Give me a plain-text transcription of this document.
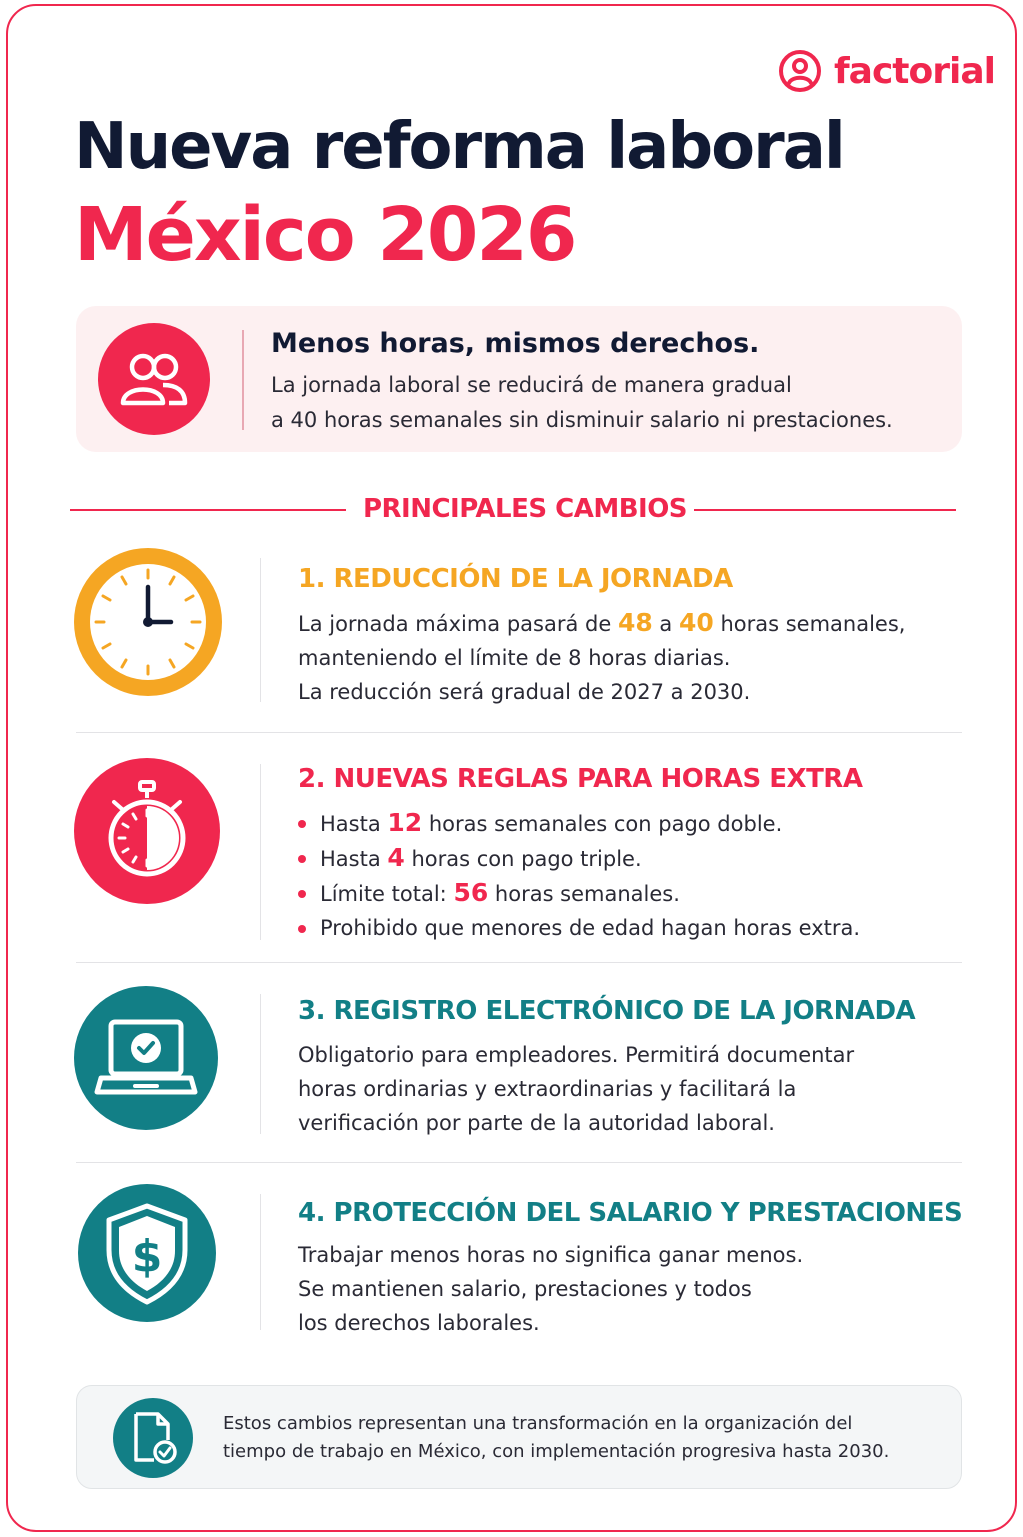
factorial
Nueva reforma laboral
México 2026
Menos horas, mismos derechos.
La jornada laboral se reducirá de manera gradual
a 40 horas semanales sin disminuir salario ni prestaciones.
PRINCIPALES CAMBIOS
1. REDUCCIÓN DE LA JORNADA
La jornada máxima pasará de 48 a 40 horas semanales,
manteniendo el límite de 8 horas diarias.
La reducción será gradual de 2027 a 2030.
2. NUEVAS REGLAS PARA HORAS EXTRA
Hasta 12 horas semanales con pago doble.
Hasta 4 horas con pago triple.
Límite total: 56 horas semanales.
Prohibido que menores de edad hagan horas extra.
3. REGISTRO ELECTRÓNICO DE LA JORNADA
Obligatorio para empleadores. Permitirá documentar
horas ordinarias y extraordinarias y facilitará la
verificación por parte de la autoridad laboral.
$
4. PROTECCIÓN DEL SALARIO Y PRESTACIONES
Trabajar menos horas no significa ganar menos.
Se mantienen salario, prestaciones y todos
los derechos laborales.
Estos cambios representan una transformación en la organización del
tiempo de trabajo en México, con implementación progresiva hasta 2030.
